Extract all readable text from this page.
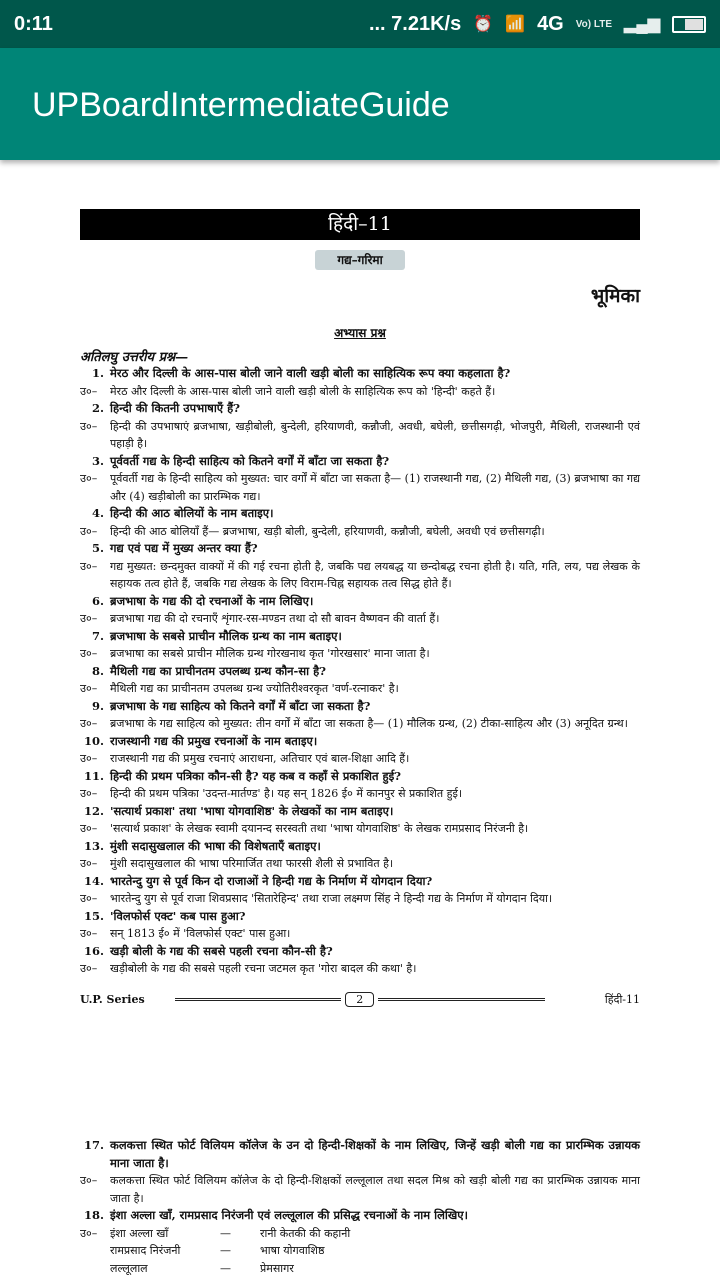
0:11	... 7.21K/s ⏰ 📶 4G Vo) LTE ▂▄▆
UPBoardIntermediateGuide
हिंदी–11
गद्य–गरिमा
भूमिका
अभ्यास प्रश्न
अतिलघु उत्तरीय प्रश्न—
1. मेरठ और दिल्ली के आस-पास बोली जाने वाली खड़ी बोली का साहित्यिक रूप क्या कहलाता है?
उ०–	मेरठ और दिल्ली के आस-पास बोली जाने वाली खड़ी बोली के साहित्यिक रूप को 'हिन्दी' कहते हैं।
2. हिन्दी की कितनी उपभाषाएँ हैं?
उ०–	हिन्दी की उपभाषाएं ब्रजभाषा, खड़ीबोली, बुन्देली, हरियाणवी, कन्नौजी, अवधी, बघेली, छत्तीसगढ़ी, भोजपुरी, मैथिली, राजस्थानी एवं पहाड़ी है।
3. पूर्ववर्ती गद्य के हिन्दी साहित्य को कितने वर्गों में बाँटा जा सकता है?
उ०–	पूर्ववर्ती गद्य के हिन्दी साहित्य को मुख्यत: चार वर्गों में बाँटा जा सकता है— (1) राजस्थानी गद्य, (2) मैथिली गद्य, (3) ब्रजभाषा का गद्य और (4) खड़ीबोली का प्रारम्भिक गद्य।
4. हिन्दी की आठ बोलियों के नाम बताइए।
उ०–	हिन्दी की आठ बोलियाँ हैं— ब्रजभाषा, खड़ी बोली, बुन्देली, हरियाणवी, कन्नौजी, बघेली, अवधी एवं छत्तीसगढ़ी।
5. गद्य एवं पद्य में मुख्य अन्तर क्या हैं?
उ०–	गद्य मुख्यत: छन्दमुक्त वाक्यों में की गई रचना होती है, जबकि पद्य लयबद्ध या छन्दोबद्ध रचना होती है। यति, गति, लय, पद्य लेखक के सहायक तत्व होते हैं, जबकि गद्य लेखक के लिए विराम-चिह्न सहायक तत्व सिद्ध होते हैं।
6. ब्रजभाषा के गद्य की दो रचनाओं के नाम लिखिए।
उ०–	ब्रजभाषा गद्य की दो रचनाएँ शृंगार-रस-मण्डन तथा दो सौ बावन वैष्णवन की वार्ता हैं।
7. ब्रजभाषा के सबसे प्राचीन मौलिक ग्रन्थ का नाम बताइए।
उ०–	ब्रजभाषा का सबसे प्राचीन मौलिक ग्रन्थ गोरखनाथ कृत 'गोरखसार' माना जाता है।
8. मैथिली गद्य का प्राचीनतम उपलब्ध ग्रन्थ कौन-सा है?
उ०–	मैथिली गद्य का प्राचीनतम उपलब्ध ग्रन्थ ज्योतिरीश्वरकृत 'वर्ण-रत्नाकर' है।
9. ब्रजभाषा के गद्य साहित्य को कितने वर्गों में बाँटा जा सकता है?
उ०–	ब्रजभाषा के गद्य साहित्य को मुख्यत: तीन वर्गों में बाँटा जा सकता है— (1) मौलिक ग्रन्थ, (2) टीका-साहित्य और (3) अनूदित ग्रन्थ।
10. राजस्थानी गद्य की प्रमुख रचनाओं के नाम बताइए।
उ०–	राजस्थानी गद्य की प्रमुख रचनाएं आराधना, अतिचार एवं बाल-शिक्षा आदि हैं।
11. हिन्दी की प्रथम पत्रिका कौन-सी है? यह कब व कहाँ से प्रकाशित हुई?
उ०–	हिन्दी की प्रथम पत्रिका 'उदन्त-मार्तण्ड' है। यह सन् 1826 ई० में कानपुर से प्रकाशित हुई।
12. 'सत्यार्थ प्रकाश' तथा 'भाषा योगवाशिष्ठ' के लेखकों का नाम बताइए।
उ०–	'सत्यार्थ प्रकाश' के लेखक स्वामी दयानन्द सरस्वती तथा 'भाषा योगवाशिष्ठ' के लेखक रामप्रसाद निरंजनी है।
13. मुंशी सदासुखलाल की भाषा की विशेषताएँ बताइए।
उ०–	मुंशी सदासुखलाल की भाषा परिमार्जित तथा फारसी शैली से प्रभावित है।
14. भारतेन्दु युग से पूर्व किन दो राजाओं ने हिन्दी गद्य के निर्माण में योगदान दिया?
उ०–	भारतेन्दु युग से पूर्व राजा शिवप्रसाद 'सितारेहिन्द' तथा राजा लक्ष्मण सिंह ने हिन्दी गद्य के निर्माण में योगदान दिया।
15. 'विलफोर्स एक्ट' कब पास हुआ?
उ०–	सन् 1813 ई० में 'विलफोर्स एक्ट' पास हुआ।
16. खड़ी बोली के गद्य की सबसे पहली रचना कौन-सी है?
उ०–	खड़ीबोली के गद्य की सबसे पहली रचना जटमल कृत 'गोरा बादल की कथा' है।
U.P. Series	2	हिंदी-11
17. कलकत्ता स्थित फोर्ट विलियम कॉलेज के उन दो हिन्दी-शिक्षकों के नाम लिखिए, जिन्हें खड़ी बोली गद्य का प्रारम्भिक उन्नायक माना जाता है।
उ०–	कलकत्ता स्थित फोर्ट विलियम कॉलेज के दो हिन्दी-शिक्षकों लल्लूलाल तथा सदल मिश्र को खड़ी बोली गद्य का प्रारम्भिक उन्नायक माना जाता है।
18. इंशा अल्ला खाँ, रामप्रसाद निरंजनी एवं लल्लूलाल की प्रसिद्ध रचनाओं के नाम लिखिए।
उ०–	इंशा अल्ला खाँ	—	रानी केतकी की कहानी
रामप्रसाद निरंजनी	—	भाषा योगवाशिष्ठ
लल्लूलाल	—	प्रेमसागर
